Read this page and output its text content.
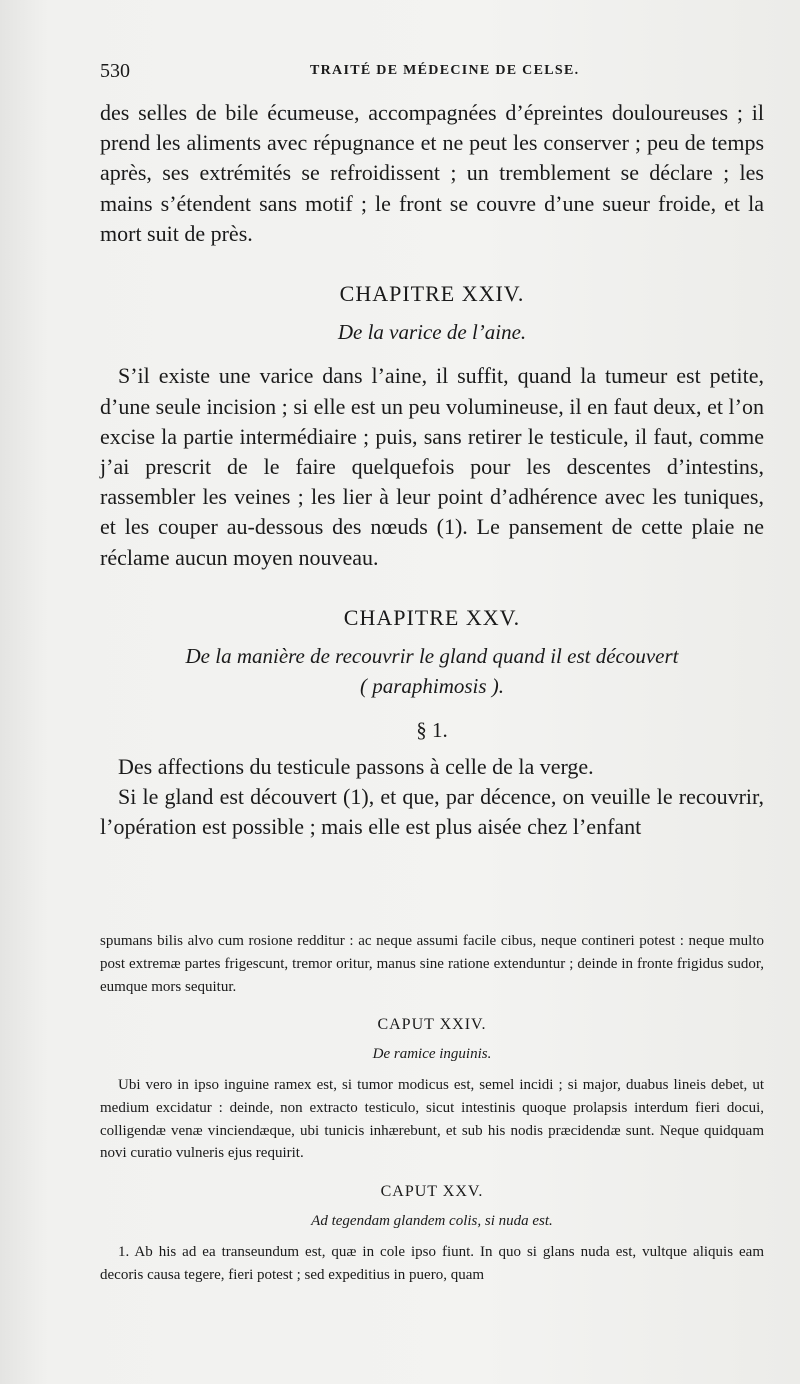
530	TRAITÉ DE MÉDECINE DE CELSE.

des selles de bile écumeuse, accompagnées d’épreintes douloureuses ; il prend les aliments avec répugnance et ne peut les conserver ; peu de temps après, ses extrémités se refroidissent ; un tremblement se déclare ; les mains s’étendent sans motif ; le front se couvre d’une sueur froide, et la mort suit de près.

CHAPITRE XXIV.
De la varice de l’aine.

S’il existe une varice dans l’aine, il suffit, quand la tumeur est petite, d’une seule incision ; si elle est un peu volumineuse, il en faut deux, et l’on excise la partie intermédiaire ; puis, sans retirer le testicule, il faut, comme j’ai prescrit de le faire quelquefois pour les descentes d’intestins, rassembler les veines ; les lier à leur point d’adhérence avec les tuniques, et les couper au-dessous des nœuds (1). Le pansement de cette plaie ne réclame aucun moyen nouveau.

CHAPITRE XXV.
De la manière de recouvrir le gland quand il est découvert
( paraphimosis ).
§ 1.

Des affections du testicule passons à celle de la verge.

Si le gland est découvert (1), et que, par décence, on veuille le recouvrir, l’opération est possible ; mais elle est plus aisée chez l’enfant

spumans bilis alvo cum rosione redditur : ac neque assumi facile cibus, neque contineri potest : neque multo post extremæ partes frigescunt, tremor oritur, manus sine ratione extenduntur ; deinde in fronte frigidus sudor, eumque mors sequitur.

CAPUT XXIV.
De ramice inguinis.

Ubi vero in ipso inguine ramex est, si tumor modicus est, semel incidi ; si major, duabus lineis debet, ut medium excidatur : deinde, non extracto testiculo, sicut intestinis quoque prolapsis interdum fieri docui, colligendæ venæ vinciendæque, ubi tunicis inhærebunt, et sub his nodis præcidendæ sunt. Neque quidquam novi curatio vulneris ejus requirit.

CAPUT XXV.
Ad tegendam glandem colis, si nuda est.

1. Ab his ad ea transeundum est, quæ in cole ipso fiunt. In quo si glans nuda est, vultque aliquis eam decoris causa tegere, fieri potest ; sed expeditius in puero, quam
